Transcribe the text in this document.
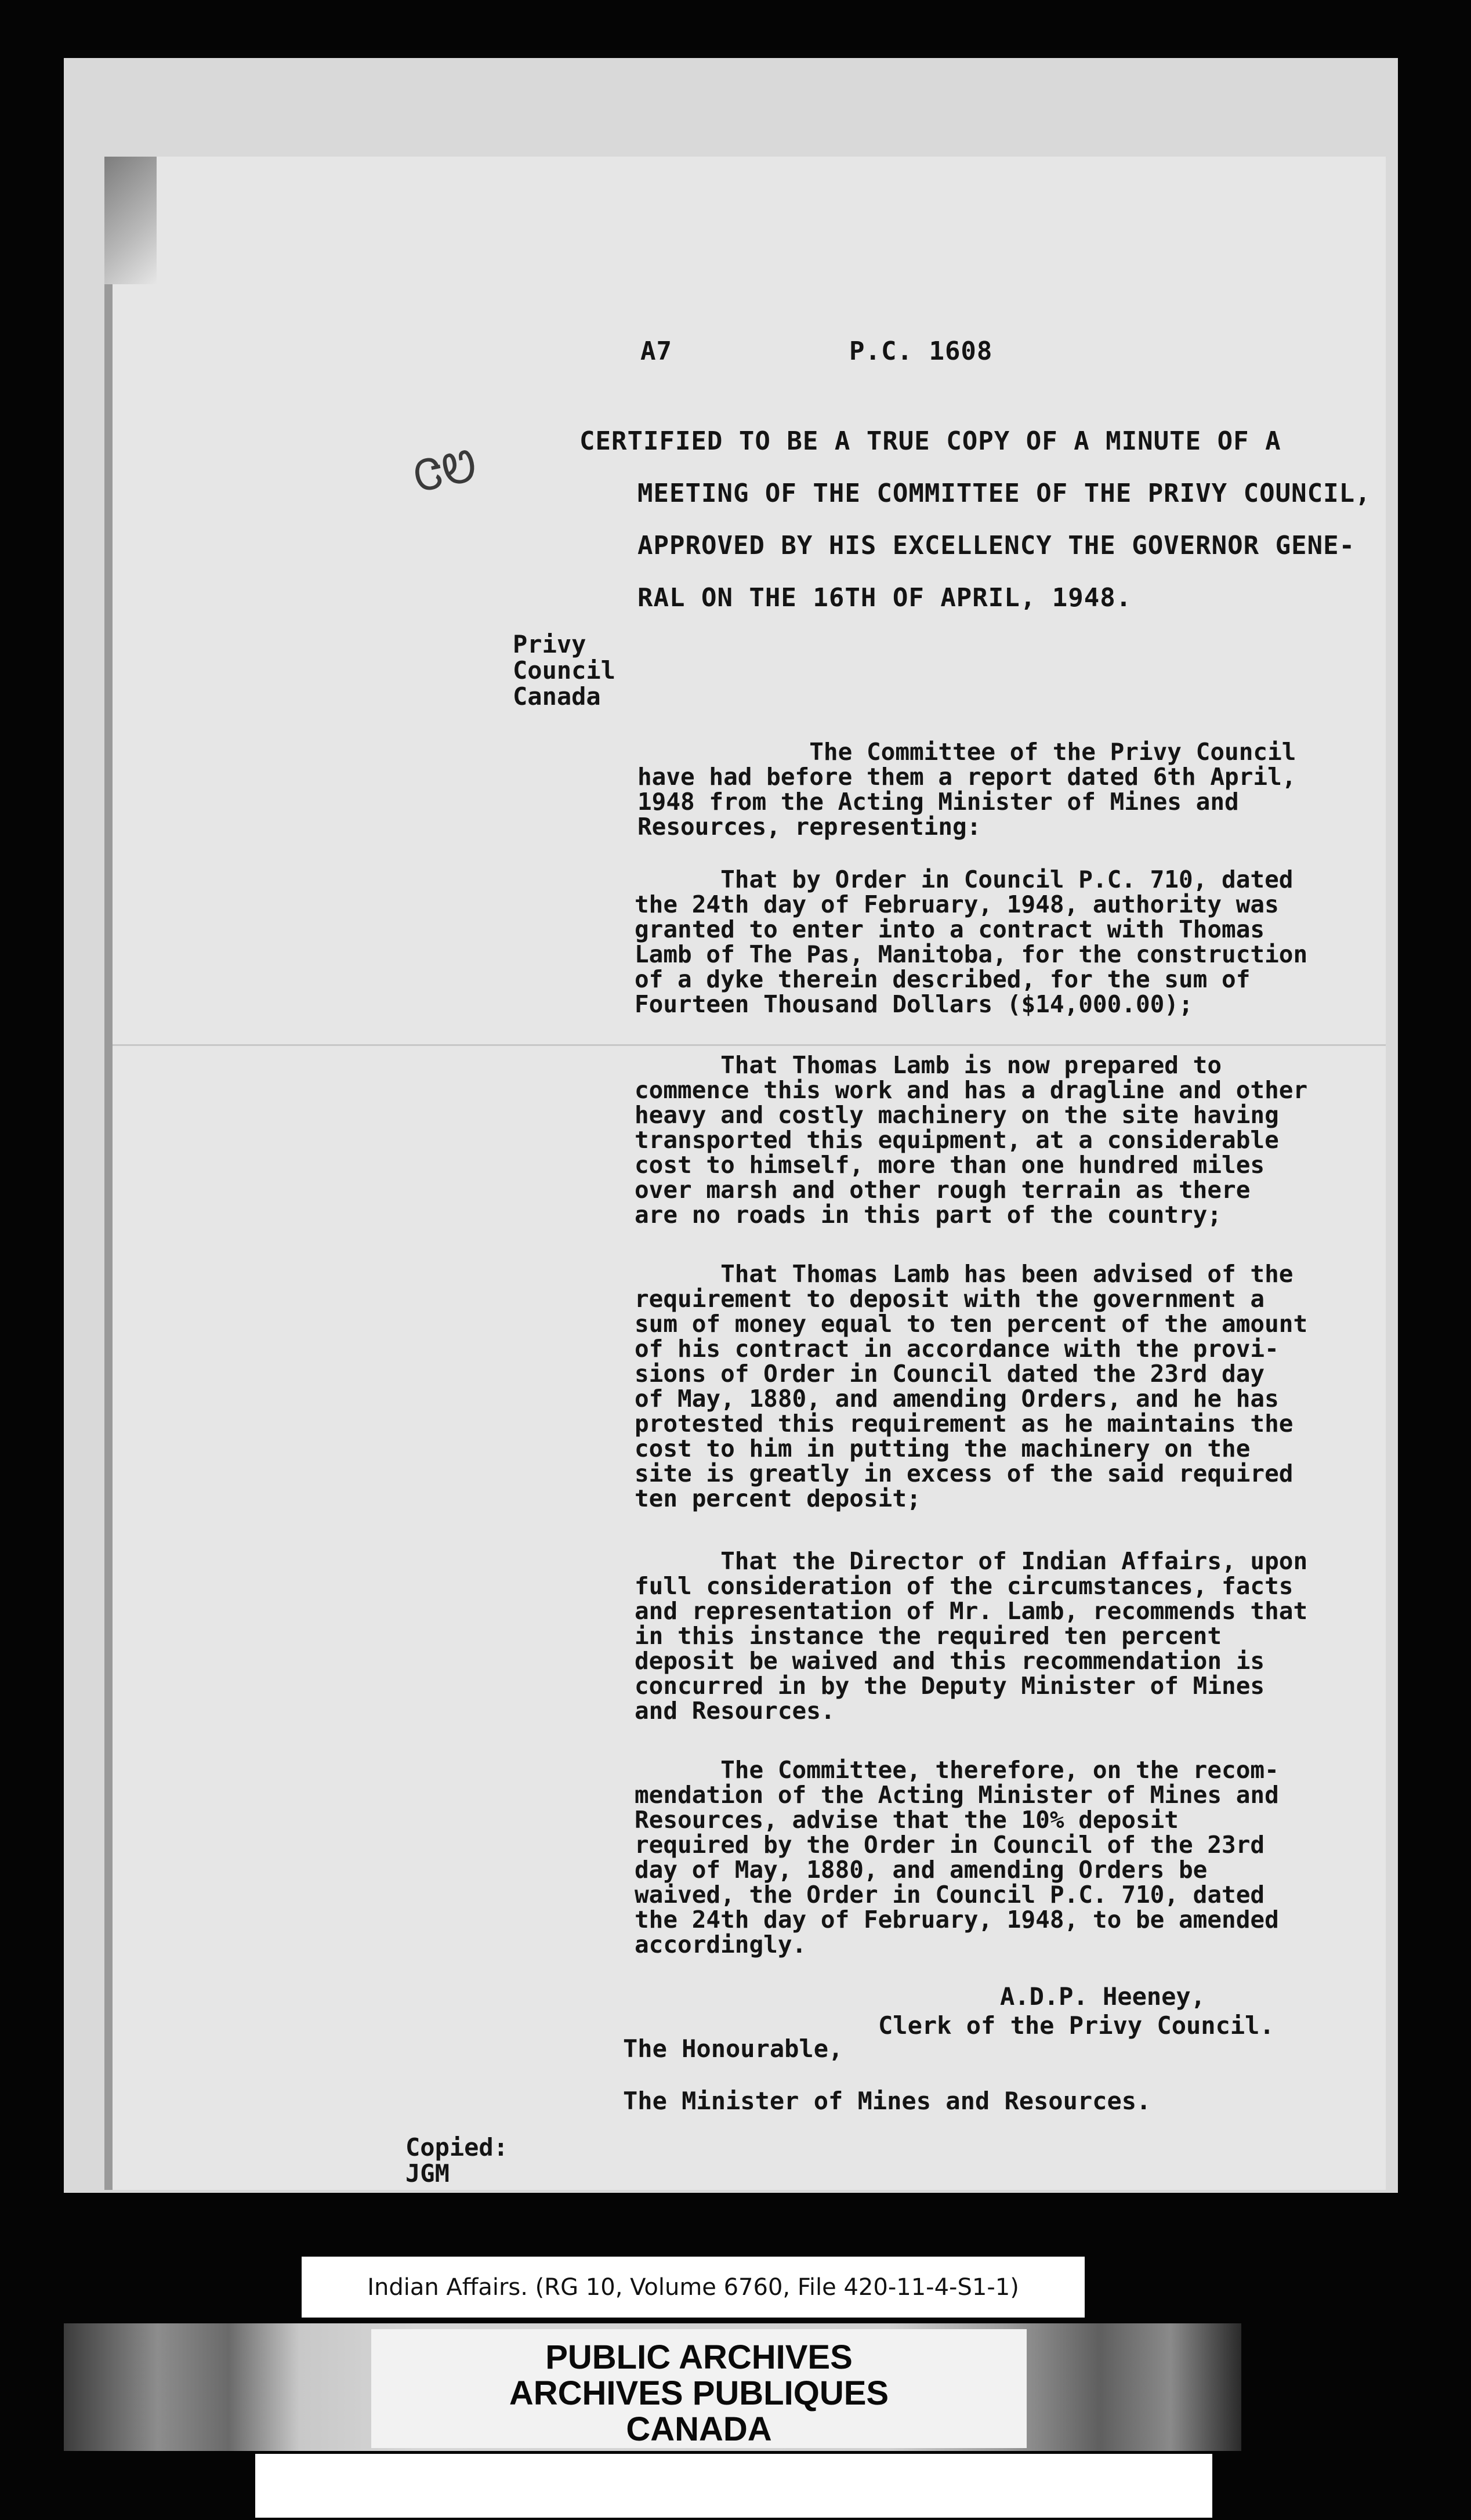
ᏣᏬ
A7	P.C. 1608
CERTIFIED TO BE A TRUE COPY OF A MINUTE OF A
MEETING OF THE COMMITTEE OF THE PRIVY COUNCIL,
APPROVED BY HIS EXCELLENCY THE GOVERNOR GENE-
RAL ON THE 16TH OF APRIL, 1948.
Privy
Council
Canada
The Committee of the Privy Council
have had before them a report dated 6th April,
1948 from the Acting Minister of Mines and
Resources, representing:
That by Order in Council P.C. 710, dated
the 24th day of February, 1948, authority was
granted to enter into a contract with Thomas
Lamb of The Pas, Manitoba, for the construction
of a dyke therein described, for the sum of
Fourteen Thousand Dollars ($14,000.00);
That Thomas Lamb is now prepared to
commence this work and has a dragline and other
heavy and costly machinery on the site having
transported this equipment, at a considerable
cost to himself, more than one hundred miles
over marsh and other rough terrain as there
are no roads in this part of the country;
That Thomas Lamb has been advised of the
requirement to deposit with the government a
sum of money equal to ten percent of the amount
of his contract in accordance with the provi-
sions of Order in Council dated the 23rd day
of May, 1880, and amending Orders, and he has
protested this requirement as he maintains the
cost to him in putting the machinery on the
site is greatly in excess of the said required
ten percent deposit;
That the Director of Indian Affairs, upon
full consideration of the circumstances, facts
and representation of Mr. Lamb, recommends that
in this instance the required ten percent
deposit be waived and this recommendation is
concurred in by the Deputy Minister of Mines
and Resources.
The Committee, therefore, on the recom-
mendation of the Acting Minister of Mines and
Resources, advise that the 10% deposit
required by the Order in Council of the 23rd
day of May, 1880, and amending Orders be
waived, the Order in Council P.C. 710, dated
the 24th day of February, 1948, to be amended
accordingly.
A.D.P. Heeney,
Clerk of the Privy Council.
The Honourable,
The Minister of Mines and Resources.
Copied:
JGM
Indian Affairs. (RG 10, Volume 6760, File 420-11-4-S1-1)
PUBLIC ARCHIVES
ARCHIVES PUBLIQUES
CANADA
